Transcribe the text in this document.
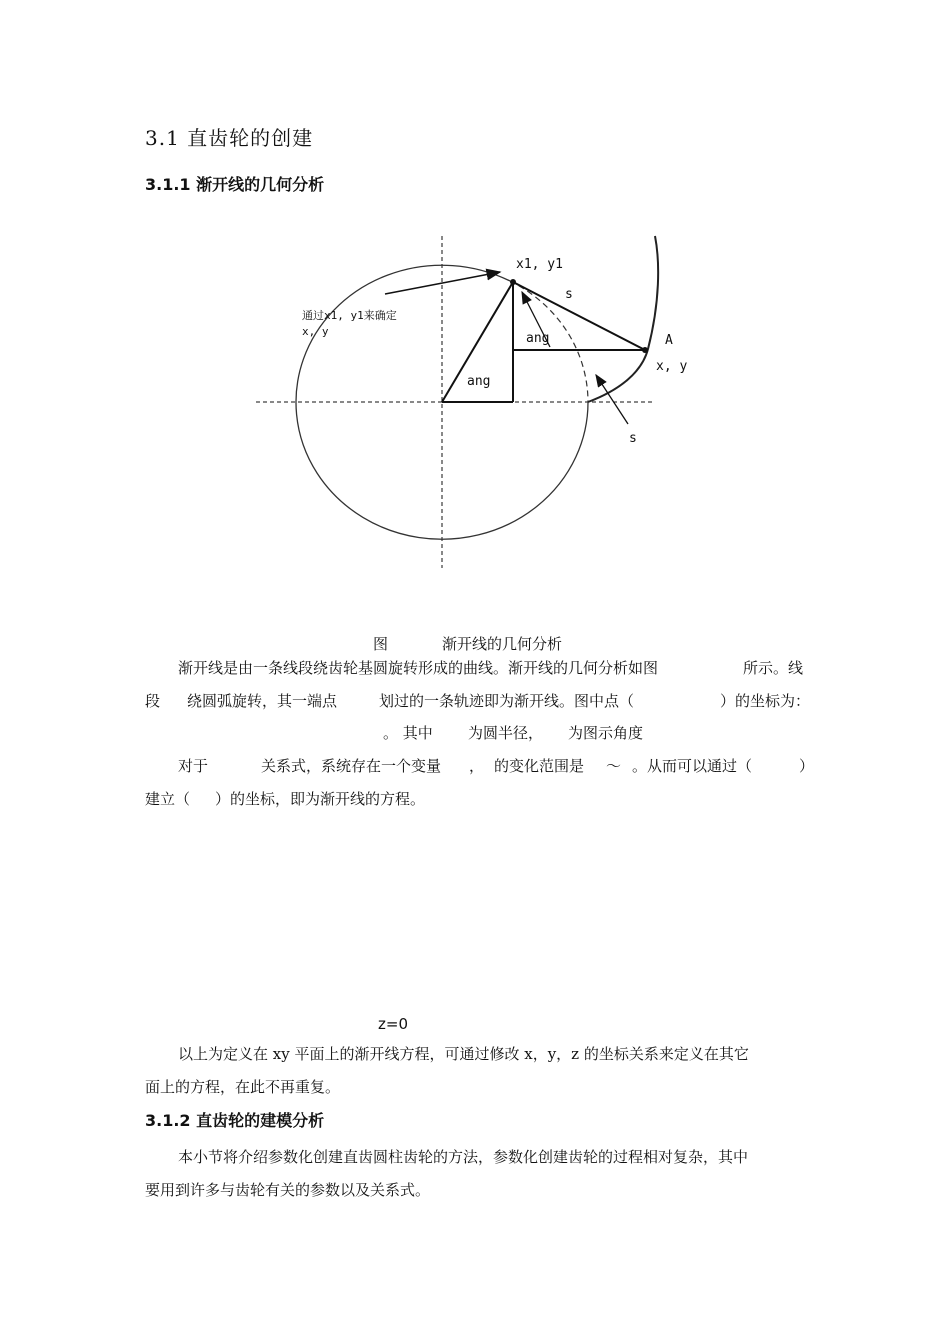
3.1 直齿轮的创建
3.1.1 渐开线的几何分析
x1, y1
s
ang
ang
A
x, y
s
通过x1, y1来确定
x, y
图	渐开线的几何分析
渐开线是由一条线段绕齿轮基圆旋转形成的曲线。渐开线的几何分析如图	所示。线
段 绕圆弧旋转，其一端点	划过的一条轨迹即为渐开线。图中点（	）的坐标为：
。 其中 为圆半径， 为图示角度
对于	关系式，系统存在一个变量 ， 的变化范围是 ～ 。从而可以通过（	）
建立（ ）的坐标，即为渐开线的方程。
z=0
以上为定义在 xy 平面上的渐开线方程，可通过修改 x，y，z 的坐标关系来定义在其它
面上的方程，在此不再重复。
3.1.2 直齿轮的建模分析
本小节将介绍参数化创建直齿圆柱齿轮的方法，参数化创建齿轮的过程相对复杂，其中
要用到许多与齿轮有关的参数以及关系式。
